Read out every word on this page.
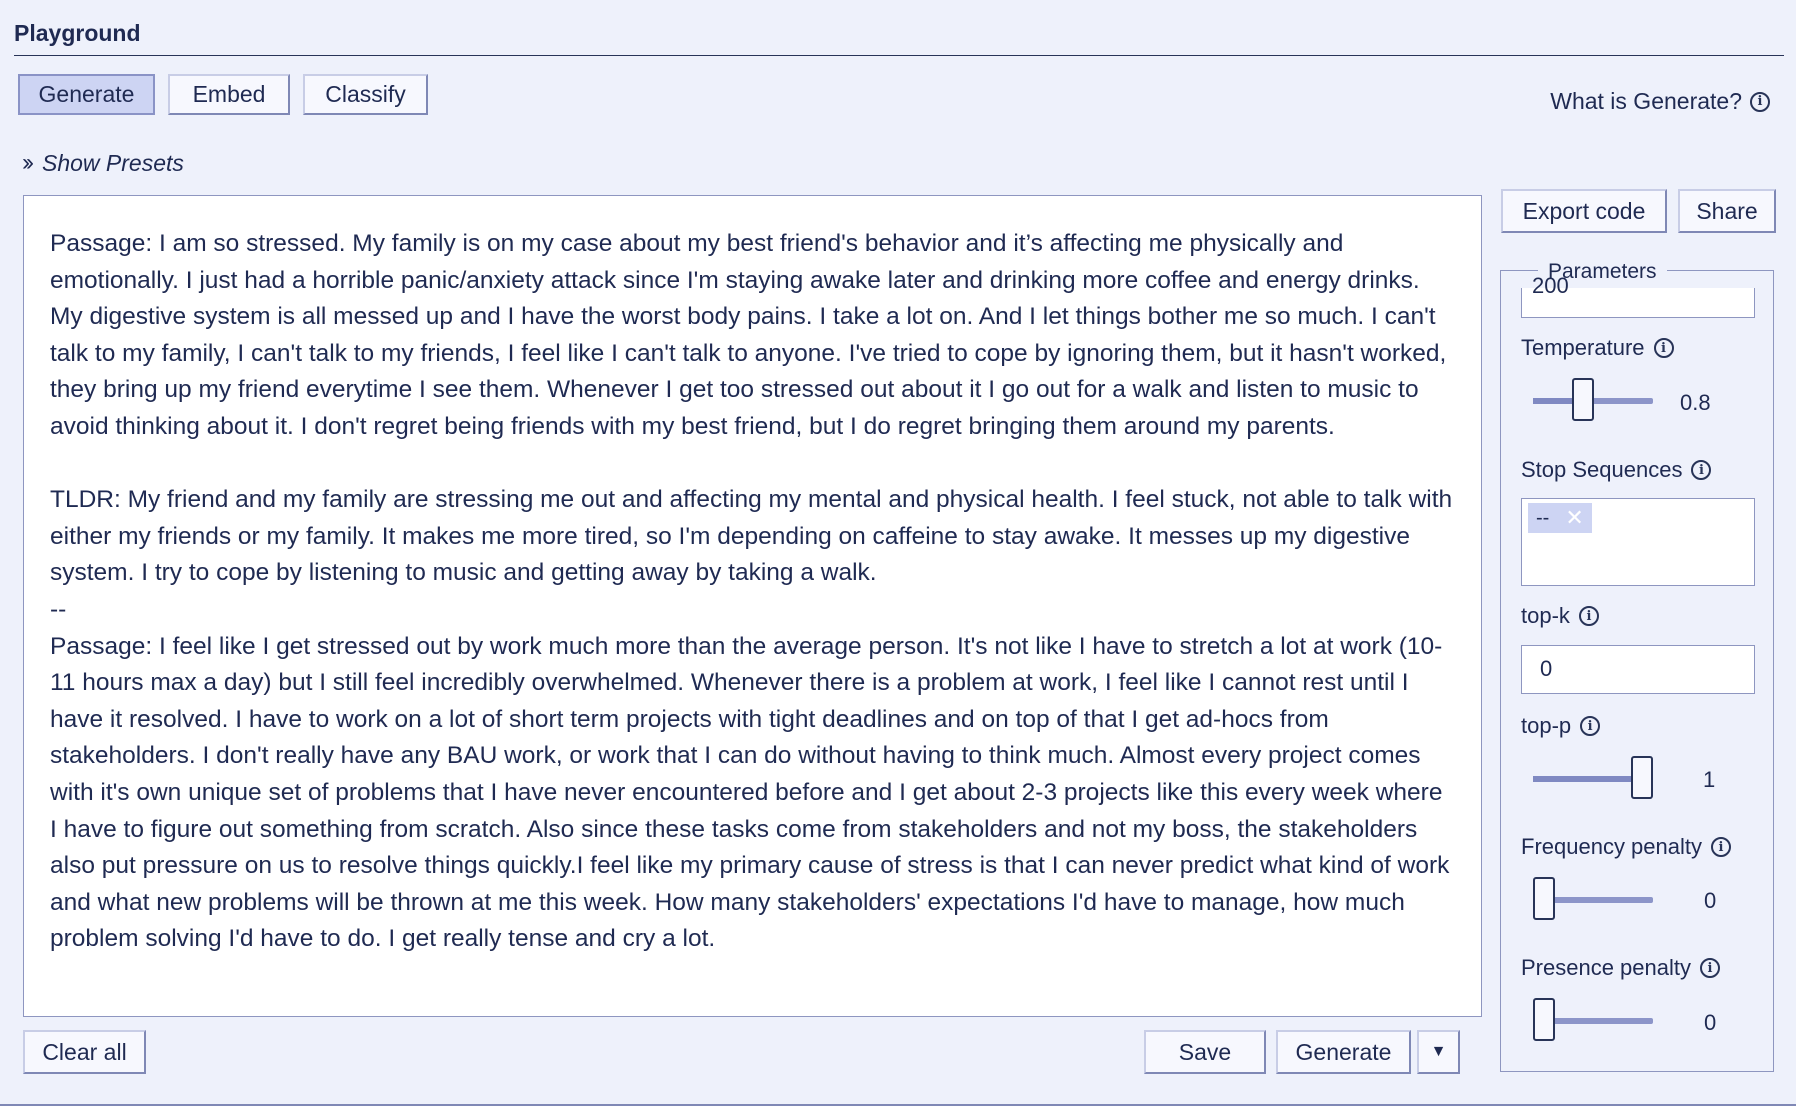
Playground
Generate	Embed	Classify	What is Generate?	i
›› Show Presets
Passage: I am so stressed. My family is on my case about my best friend's behavior and it’s affecting me physically and emotionally. I just had a horrible panic/anxiety attack since I'm staying awake later and drinking more coffee and energy drinks. My digestive system is all messed up and I have the worst body pains. I take a lot on. And I let things bother me so much. I can't talk to my family, I can't talk to my friends, I feel like I can't talk to anyone. I've tried to cope by ignoring them, but it hasn't worked, they bring up my friend everytime I see them. Whenever I get too stressed out about it I go out for a walk and listen to music to avoid thinking about it. I don't regret being friends with my best friend, but I do regret bringing them around my parents.

TLDR: My friend and my family are stressing me out and affecting my mental and physical health. I feel stuck, not able to talk with either my friends or my family. It makes me more tired, so I'm depending on caffeine to stay awake. It messes up my digestive system. I try to cope by listening to music and getting away by taking a walk.
--
Passage: I feel like I get stressed out by work much more than the average person. It's not like I have to stretch a lot at work (10-11 hours max a day) but I still feel incredibly overwhelmed. Whenever there is a problem at work, I feel like I cannot rest until I have it resolved. I have to work on a lot of short term projects with tight deadlines and on top of that I get ad-hocs from stakeholders. I don't really have any BAU work, or work that I can do without having to think much. Almost every project comes with it's own unique set of problems that I have never encountered before and I get about 2-3 projects like this every week where I have to figure out something from scratch. Also since these tasks come from stakeholders and not my boss, the stakeholders also put pressure on us to resolve things quickly.I feel like my primary cause of stress is that I can never predict what kind of work and what new problems will be thrown at me this week. How many stakeholders' expectations I'd have to manage, how much problem solving I'd have to do. I get really tense and cry a lot.
Clear all	Save	Generate	▼
Export code	Share
Parameters
200
Temperature	i
0.8
Stop Sequences	i
-- ✕
top-k	i
0
top-p	i
1
Frequency penalty	i
0
Presence penalty	i
0
